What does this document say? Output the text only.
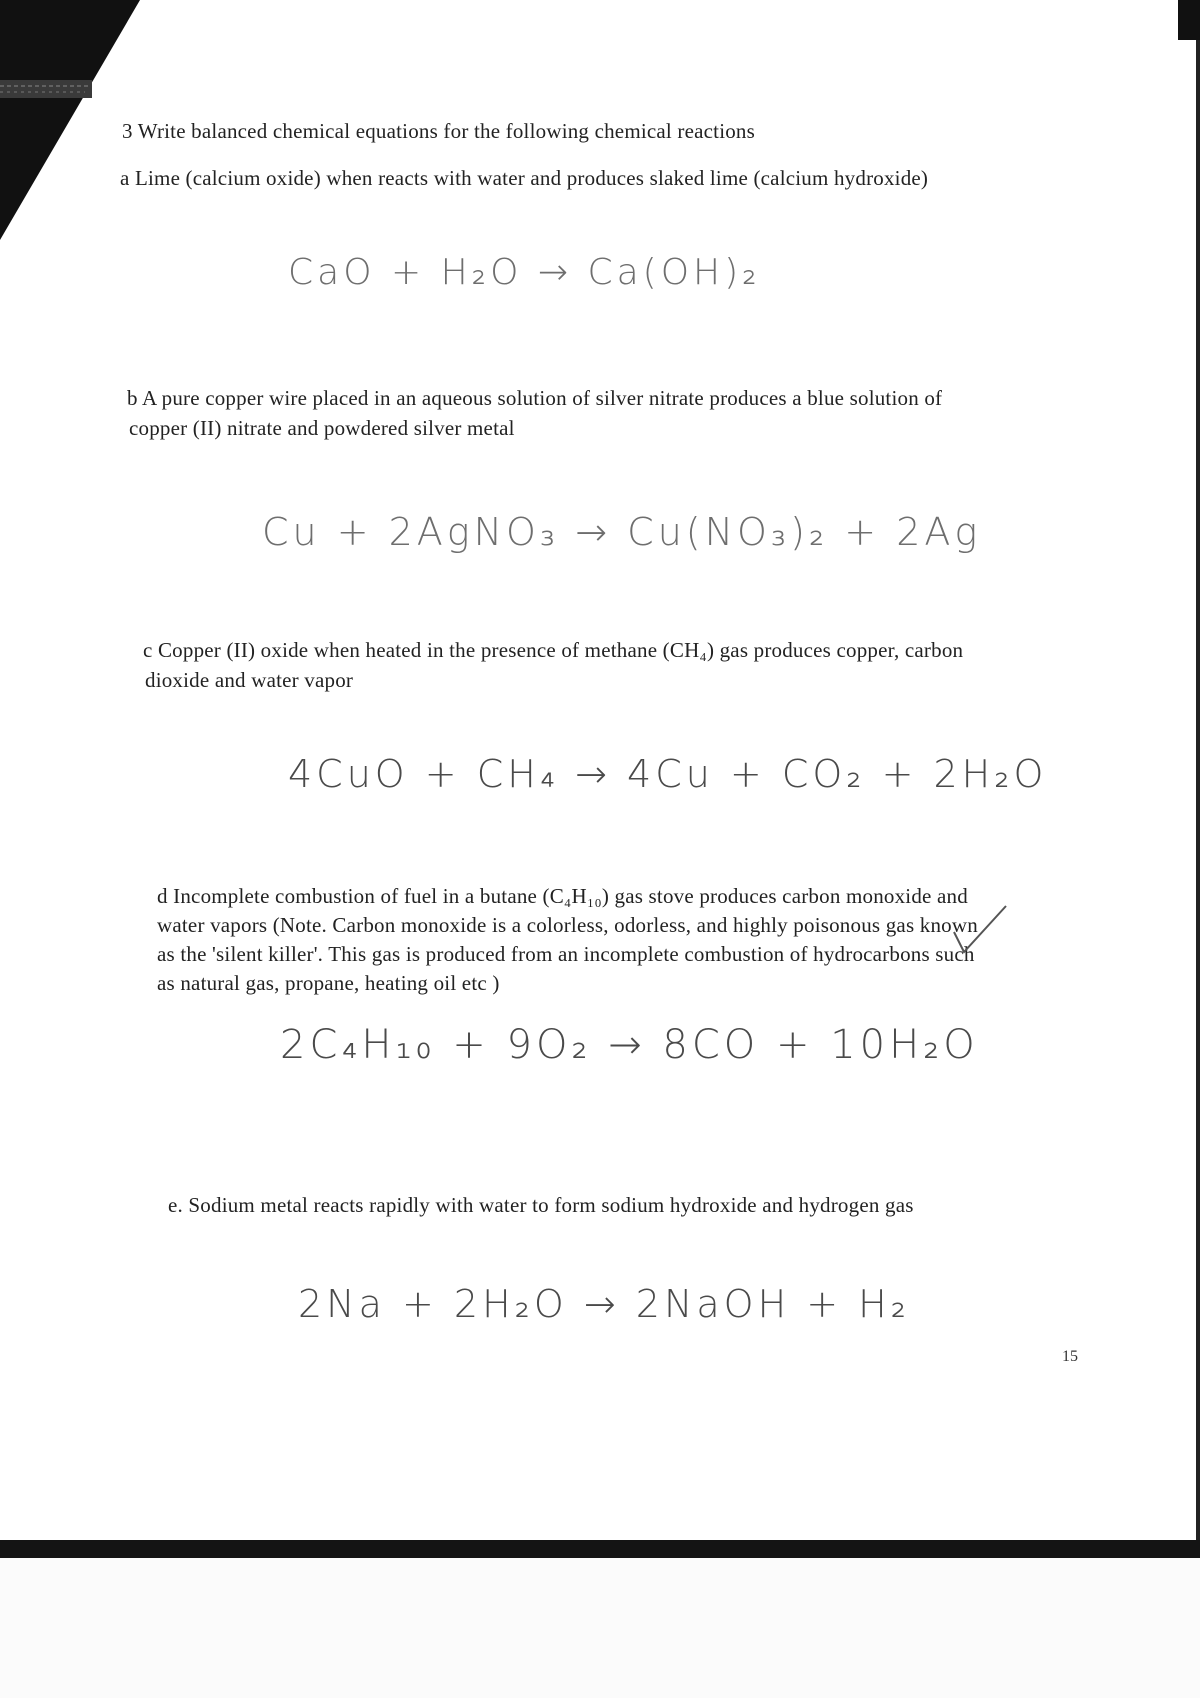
3 Write balanced chemical equations for the following chemical reactions

a Lime (calcium oxide) when reacts with water and produces slaked lime (calcium hydroxide)

CaO + H₂O → Ca(OH)₂

b A pure copper wire placed in an aqueous solution of silver nitrate produces a blue solution of

copper (II) nitrate and powdered silver metal

Cu + 2AgNO₃ → Cu(NO₃)₂ + 2Ag

c Copper (II) oxide when heated in the presence of methane (CH₄) gas produces copper, carbon

dioxide and water vapor

4CuO + CH₄ → 4Cu + CO₂ + 2H₂O

d Incomplete combustion of fuel in a butane (C₄H₁₀) gas stove produces carbon monoxide and

water vapors (Note. Carbon monoxide is a colorless, odorless, and highly poisonous gas known

as the 'silent killer'. This gas is produced from an incomplete combustion of hydrocarbons such

as natural gas, propane, heating oil etc )

2C₄H₁₀ + 9O₂ → 8CO + 10H₂O

e. Sodium metal reacts rapidly with water to form sodium hydroxide and hydrogen gas

2Na + 2H₂O → 2NaOH + H₂

15
